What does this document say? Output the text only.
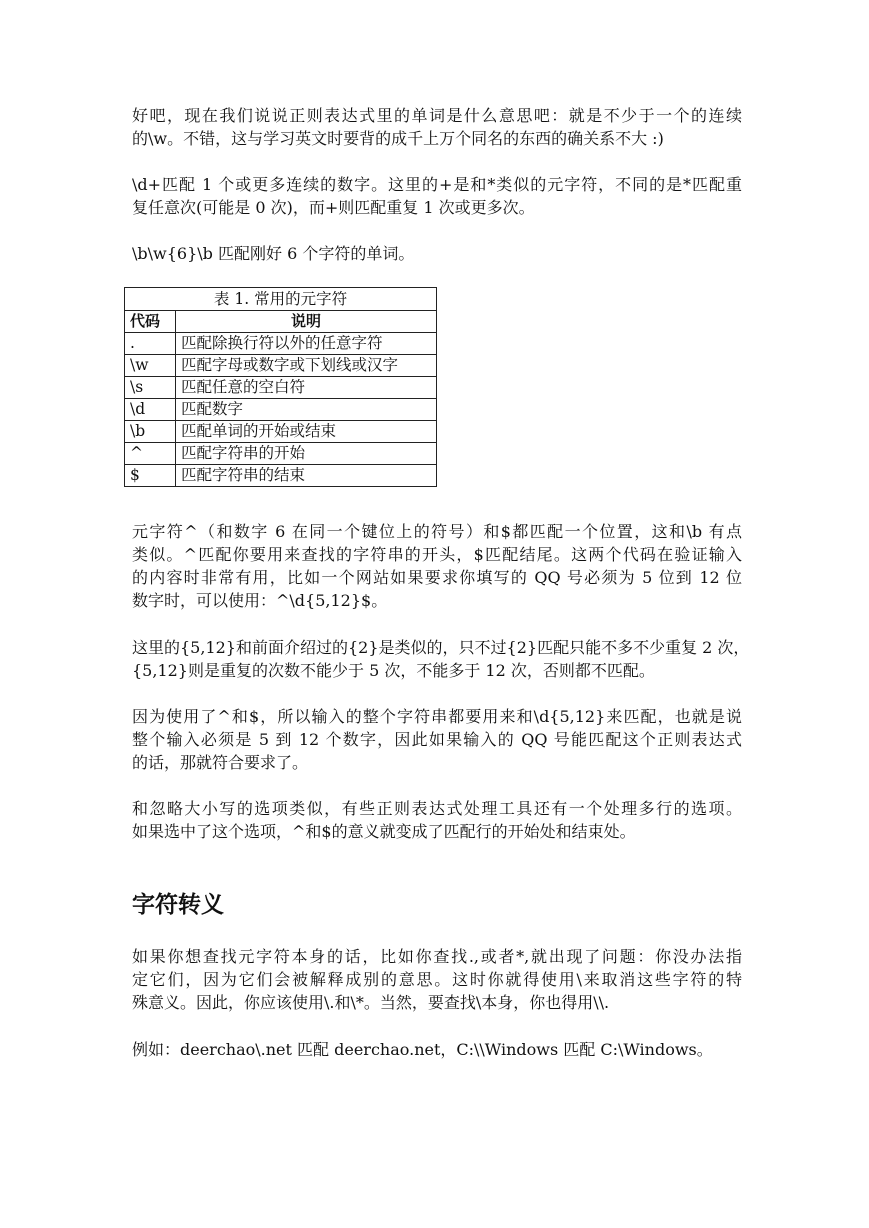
好吧，现在我们说说正则表达式里的单词是什么意思吧：就是不少于一个的连续
的\w。不错，这与学习英文时要背的成千上万个同名的东西的确关系不大 :)
\d+匹配 1 个或更多连续的数字。这里的+是和*类似的元字符，不同的是*匹配重
复任意次(可能是 0 次)，而+则匹配重复 1 次或更多次。
\b\w{6}\b 匹配刚好 6 个字符的单词。
表 1. 常用的元字符
代码	说明
.	匹配除换行符以外的任意字符
\w	匹配字母或数字或下划线或汉字
\s	匹配任意的空白符
\d	匹配数字
\b	匹配单词的开始或结束
^	匹配字符串的开始
$	匹配字符串的结束
元字符^（和数字 6 在同一个键位上的符号）和$都匹配一个位置，这和\b 有点
类似。^匹配你要用来查找的字符串的开头，$匹配结尾。这两个代码在验证输入
的内容时非常有用，比如一个网站如果要求你填写的 QQ 号必须为 5 位到 12 位
数字时，可以使用：^\d{5,12}$。
这里的{5,12}和前面介绍过的{2}是类似的，只不过{2}匹配只能不多不少重复 2 次，
{5,12}则是重复的次数不能少于 5 次，不能多于 12 次，否则都不匹配。
因为使用了^和$，所以输入的整个字符串都要用来和\d{5,12}来匹配，也就是说
整个输入必须是 5 到 12 个数字，因此如果输入的 QQ 号能匹配这个正则表达式
的话，那就符合要求了。
和忽略大小写的选项类似，有些正则表达式处理工具还有一个处理多行的选项。
如果选中了这个选项，^和$的意义就变成了匹配行的开始处和结束处。
字符转义
如果你想查找元字符本身的话，比如你查找.,或者*,就出现了问题：你没办法指
定它们，因为它们会被解释成别的意思。这时你就得使用\来取消这些字符的特
殊意义。因此，你应该使用\.和\*。当然，要查找\本身，你也得用\\.
例如：deerchao\.net 匹配 deerchao.net，C:\\Windows 匹配 C:\Windows。
